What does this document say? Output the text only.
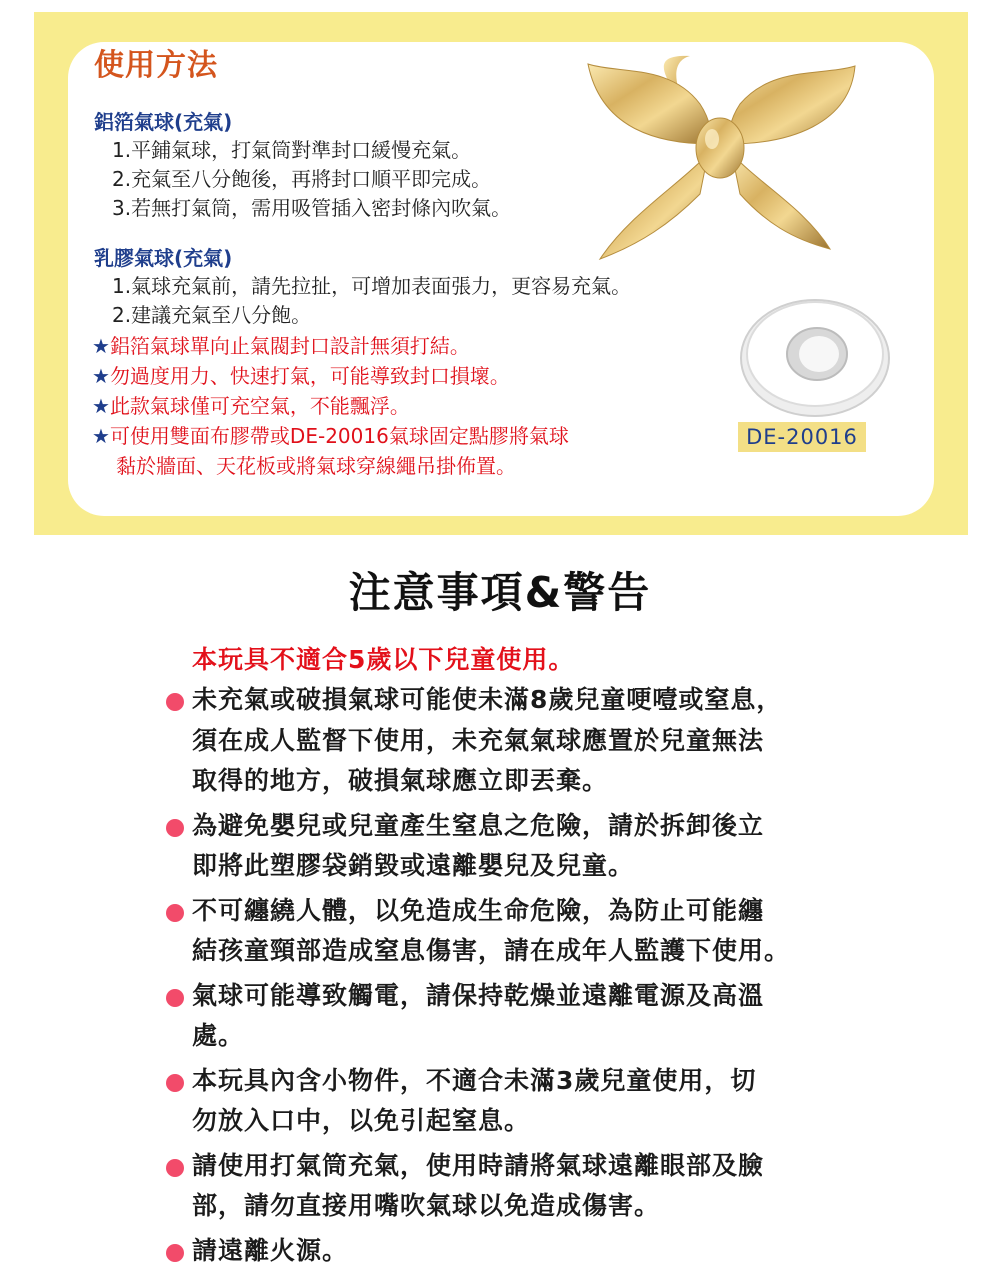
使用方法
鋁箔氣球(充氣)
1.平鋪氣球，打氣筒對準封口緩慢充氣。
2.充氣至八分飽後，再將封口順平即完成。
3.若無打氣筒，需用吸管插入密封條內吹氣。
乳膠氣球(充氣)
1.氣球充氣前，請先拉扯，可增加表面張力，更容易充氣。
2.建議充氣至八分飽。
★鋁箔氣球單向止氣閥封口設計無須打結。
★勿過度用力、快速打氣，可能導致封口損壞。
★此款氣球僅可充空氣，不能飄浮。
★可使用雙面布膠帶或DE-20016氣球固定點膠將氣球
黏於牆面、天花板或將氣球穿線繩吊掛佈置。
DE-20016
注意事項&警告

本玩具不適合5歲以下兒童使用。

未充氣或破損氣球可能使未滿8歲兒童哽噎或窒息，
須在成人監督下使用，未充氣氣球應置於兒童無法
取得的地方，破損氣球應立即丟棄。
為避免嬰兒或兒童產生窒息之危險，請於拆卸後立
即將此塑膠袋銷毀或遠離嬰兒及兒童。
不可纏繞人體，以免造成生命危險，為防止可能纏
結孩童頸部造成窒息傷害，請在成年人監護下使用。
氣球可能導致觸電，請保持乾燥並遠離電源及高溫
處。
本玩具內含小物件，不適合未滿3歲兒童使用，切
勿放入口中，以免引起窒息。
請使用打氣筒充氣，使用時請將氣球遠離眼部及臉
部，請勿直接用嘴吹氣球以免造成傷害。
請遠離火源。
